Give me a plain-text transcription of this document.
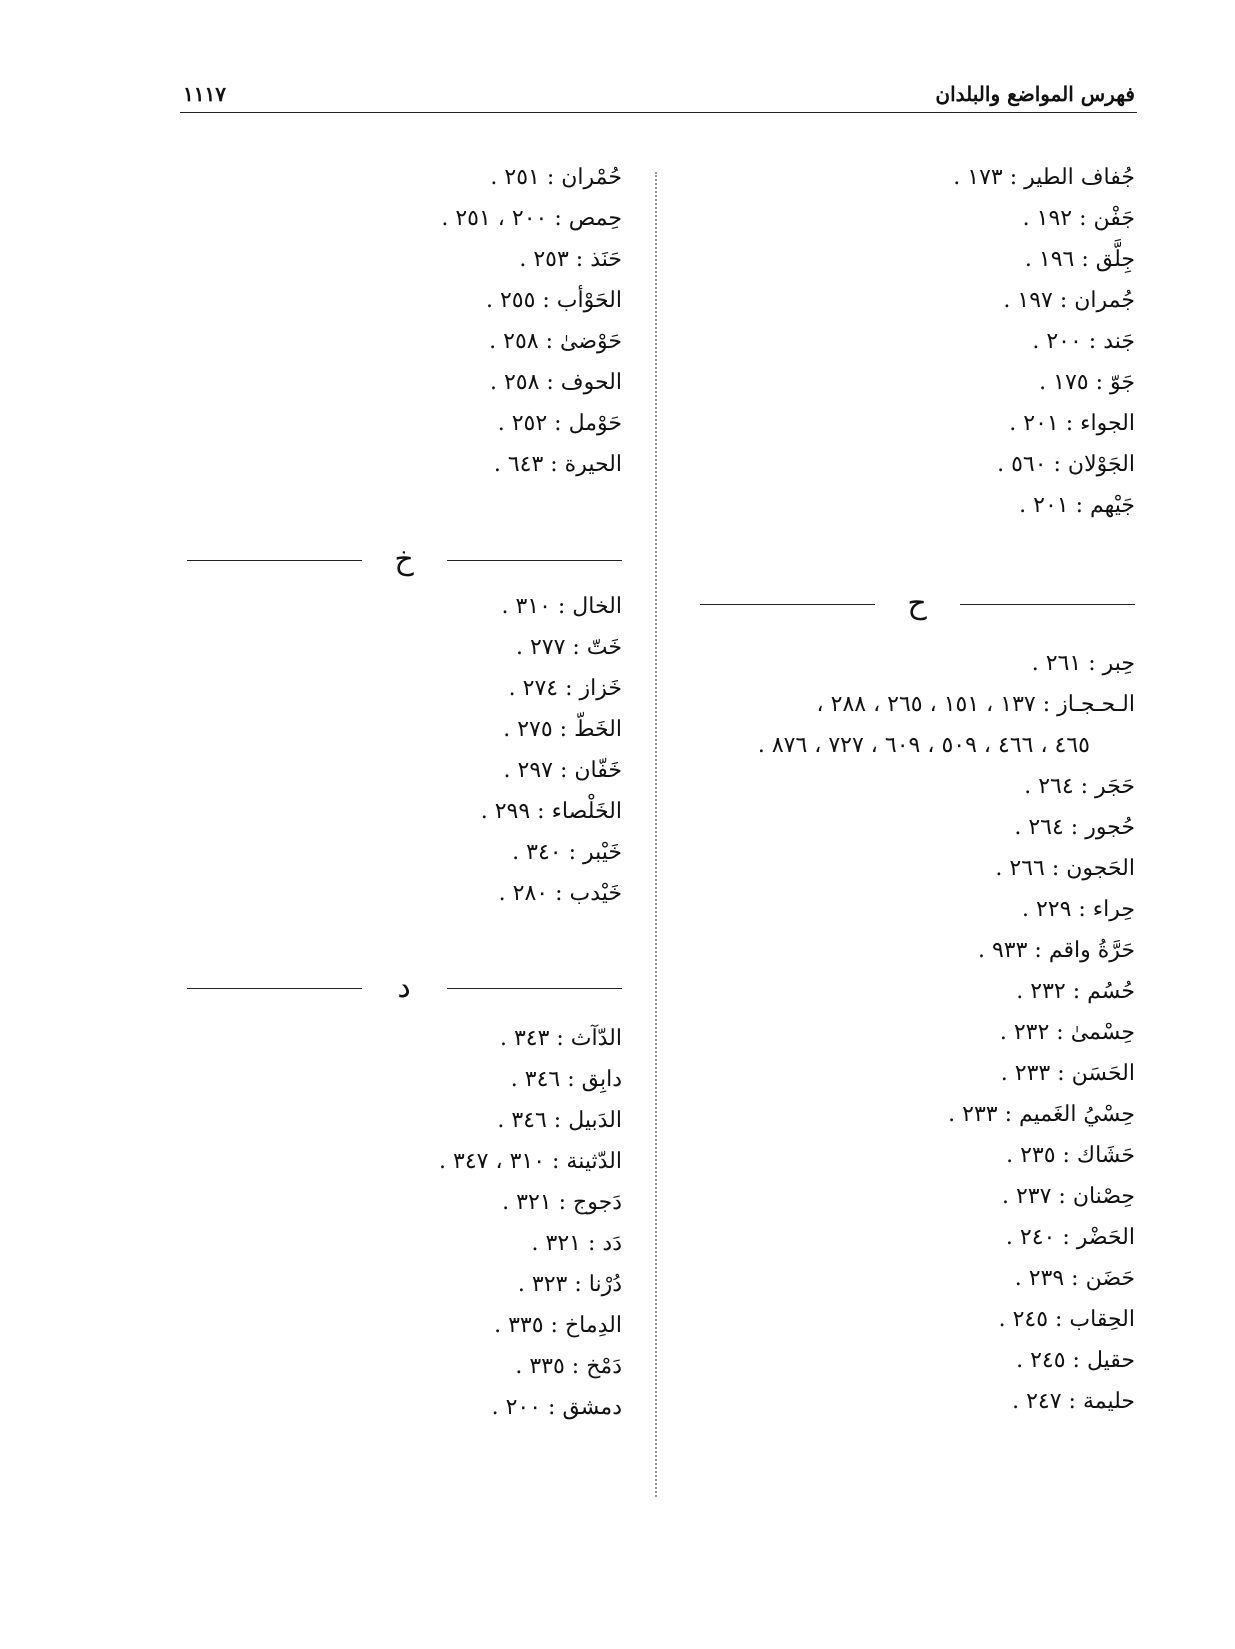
فهرس المواضع والبلدان
١١١٧
جُفاف الطير : ١٧٣ .
جَفْن : ١٩٢ .
جِلَّق : ١٩٦ .
جُمران : ١٩٧ .
جَند : ٢٠٠ .
جَوّ : ١٧٥ .
الجواء : ٢٠١ .
الجَوْلان : ٥٦٠ .
جَيْهم : ٢٠١ .
ح
حِبر : ٢٦١ .
الـحـجـاز : ١٣٧ ، ١٥١ ، ٢٦٥ ، ٢٨٨ ،
٤٦٥ ، ٤٦٦ ، ٥٠٩ ، ٦٠٩ ، ٧٢٧ ، ٨٧٦ .
حَجَر : ٢٦٤ .
حُجور : ٢٦٤ .
الحَجون : ٢٦٦ .
حِراء : ٢٢٩ .
حَرَّةُ واقم : ٩٣٣ .
حُسُم : ٢٣٢ .
حِسْمىٰ : ٢٣٢ .
الحَسَن : ٢٣٣ .
حِسْيُ الغَميم : ٢٣٣ .
حَشَاك : ٢٣٥ .
حِصْنان : ٢٣٧ .
الحَضْر : ٢٤٠ .
حَضَن : ٢٣٩ .
الحِقاب : ٢٤٥ .
حقيل : ٢٤٥ .
حليمة : ٢٤٧ .
حُمْران : ٢٥١ .
حِمص : ٢٠٠ ، ٢٥١ .
حَنَذ : ٢٥٣ .
الحَوْأب : ٢٥٥ .
حَوْضىٰ : ٢٥٨ .
الحوف : ٢٥٨ .
حَوْمل : ٢٥٢ .
الحيرة : ٦٤٣ .
خ
الخال : ٣١٠ .
خَتّ : ٢٧٧ .
خَزاز : ٢٧٤ .
الخَطّ : ٢٧٥ .
خَفّان : ٢٩٧ .
الخَلْصاء : ٢٩٩ .
خَيْبر : ٣٤٠ .
خَيْدب : ٢٨٠ .
د
الدّآث : ٣٤٣ .
دابِق : ٣٤٦ .
الدَبيل : ٣٤٦ .
الدّثينة : ٣١٠ ، ٣٤٧ .
دَجوج : ٣٢١ .
دَد : ٣٢١ .
دُرْنا : ٣٢٣ .
الدِماخ : ٣٣٥ .
دَمْخ : ٣٣٥ .
دمشق : ٢٠٠ .
